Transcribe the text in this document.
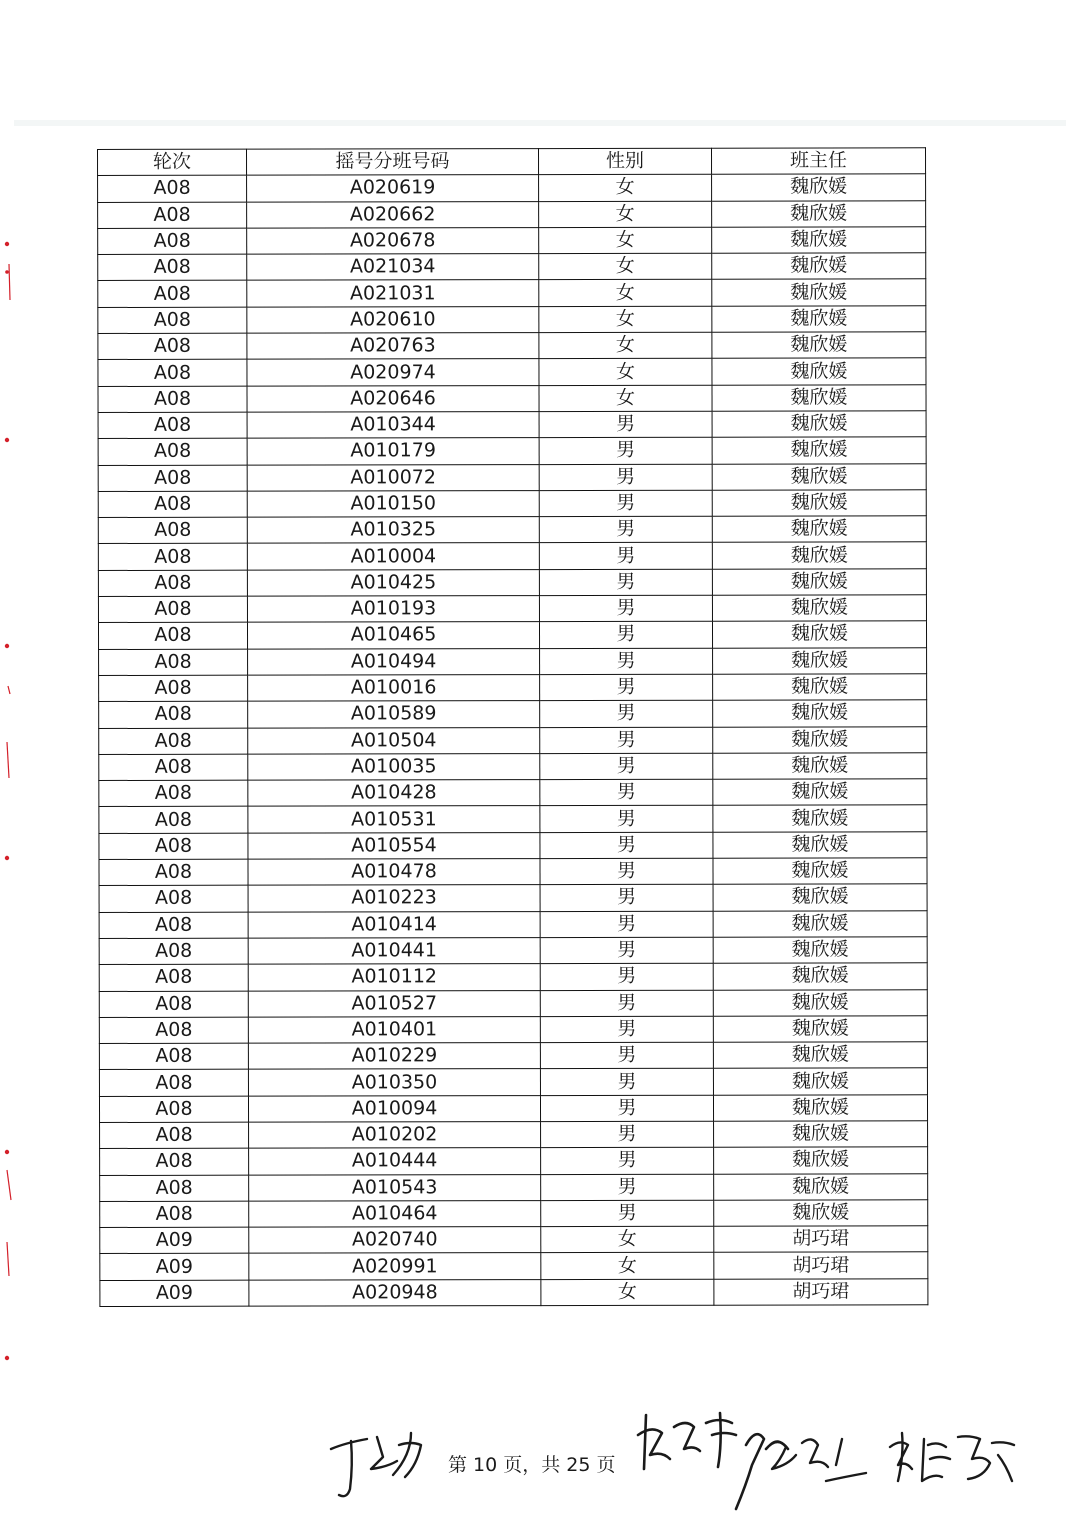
轮次	摇号分班号码	性别	班主任
A08	A020619	女	魏欣媛
A08	A020662	女	魏欣媛
A08	A020678	女	魏欣媛
A08	A021034	女	魏欣媛
A08	A021031	女	魏欣媛
A08	A020610	女	魏欣媛
A08	A020763	女	魏欣媛
A08	A020974	女	魏欣媛
A08	A020646	女	魏欣媛
A08	A010344	男	魏欣媛
A08	A010179	男	魏欣媛
A08	A010072	男	魏欣媛
A08	A010150	男	魏欣媛
A08	A010325	男	魏欣媛
A08	A010004	男	魏欣媛
A08	A010425	男	魏欣媛
A08	A010193	男	魏欣媛
A08	A010465	男	魏欣媛
A08	A010494	男	魏欣媛
A08	A010016	男	魏欣媛
A08	A010589	男	魏欣媛
A08	A010504	男	魏欣媛
A08	A010035	男	魏欣媛
A08	A010428	男	魏欣媛
A08	A010531	男	魏欣媛
A08	A010554	男	魏欣媛
A08	A010478	男	魏欣媛
A08	A010223	男	魏欣媛
A08	A010414	男	魏欣媛
A08	A010441	男	魏欣媛
A08	A010112	男	魏欣媛
A08	A010527	男	魏欣媛
A08	A010401	男	魏欣媛
A08	A010229	男	魏欣媛
A08	A010350	男	魏欣媛
A08	A010094	男	魏欣媛
A08	A010202	男	魏欣媛
A08	A010444	男	魏欣媛
A08	A010543	男	魏欣媛
A08	A010464	男	魏欣媛
A09	A020740	女	胡巧珺
A09	A020991	女	胡巧珺
A09	A020948	女	胡巧珺
第 10 页，共 25 页
